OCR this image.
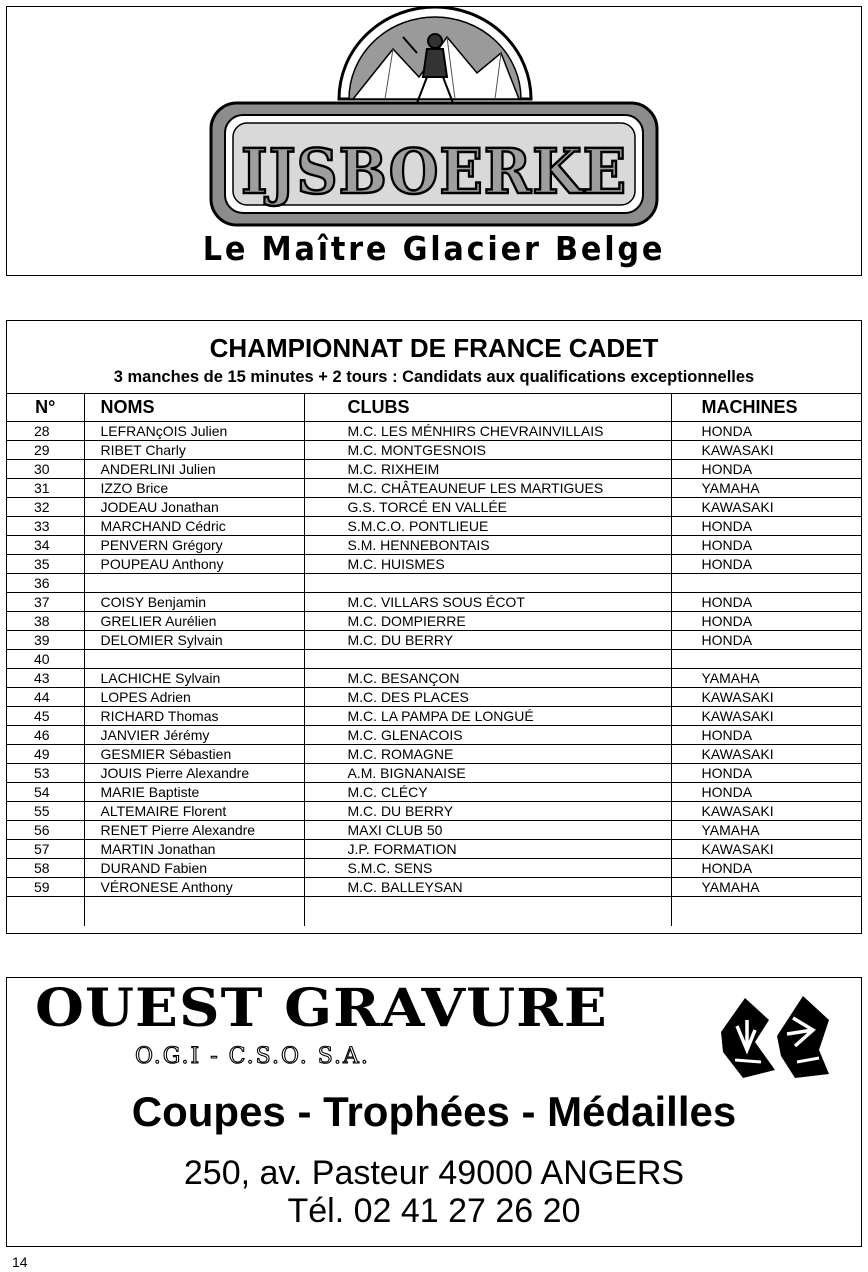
IJSBOERKE
Le Maître Glacier Belge
CHAMPIONNAT DE FRANCE CADET
3 manches de 15 minutes + 2 tours : Candidats aux qualifications exceptionnelles
N°	NOMS	CLUBS	MACHINES
28	LEFRANçOIS Julien	M.C. LES MÉNHIRS CHEVRAINVILLAIS	HONDA
29	RIBET Charly	M.C. MONTGESNOIS	KAWASAKI
30	ANDERLINI Julien	M.C. RIXHEIM	HONDA
31	IZZO Brice	M.C. CHÂTEAUNEUF LES MARTIGUES	YAMAHA
32	JODEAU Jonathan	G.S. TORCÉ EN VALLÉE	KAWASAKI
33	MARCHAND Cédric	S.M.C.O. PONTLIEUE	HONDA
34	PENVERN Grégory	S.M. HENNEBONTAIS	HONDA
35	POUPEAU Anthony	M.C. HUISMES	HONDA
36			
37	COISY Benjamin	M.C. VILLARS SOUS ÉCOT	HONDA
38	GRELIER Aurélien	M.C. DOMPIERRE	HONDA
39	DELOMIER Sylvain	M.C. DU BERRY	HONDA
40			
43	LACHICHE Sylvain	M.C. BESANÇON	YAMAHA
44	LOPES Adrien	M.C. DES PLACES	KAWASAKI
45	RICHARD Thomas	M.C. LA PAMPA DE LONGUÉ	KAWASAKI
46	JANVIER Jérémy	M.C. GLENACOIS	HONDA
49	GESMIER Sébastien	M.C. ROMAGNE	KAWASAKI
53	JOUIS Pierre Alexandre	A.M. BIGNANAISE	HONDA
54	MARIE Baptiste	M.C. CLÉCY	HONDA
55	ALTEMAIRE Florent	M.C. DU BERRY	KAWASAKI
56	RENET Pierre Alexandre	MAXI CLUB 50	YAMAHA
57	MARTIN Jonathan	J.P. FORMATION	KAWASAKI
58	DURAND Fabien	S.M.C. SENS	HONDA
59	VÉRONESE Anthony	M.C. BALLEYSAN	YAMAHA

OUEST GRAVURE
O.G.I - C.S.O. S.A.
Coupes - Trophées - Médailles
250, av. Pasteur 49000 ANGERS
Tél. 02 41 27 26 20
14
